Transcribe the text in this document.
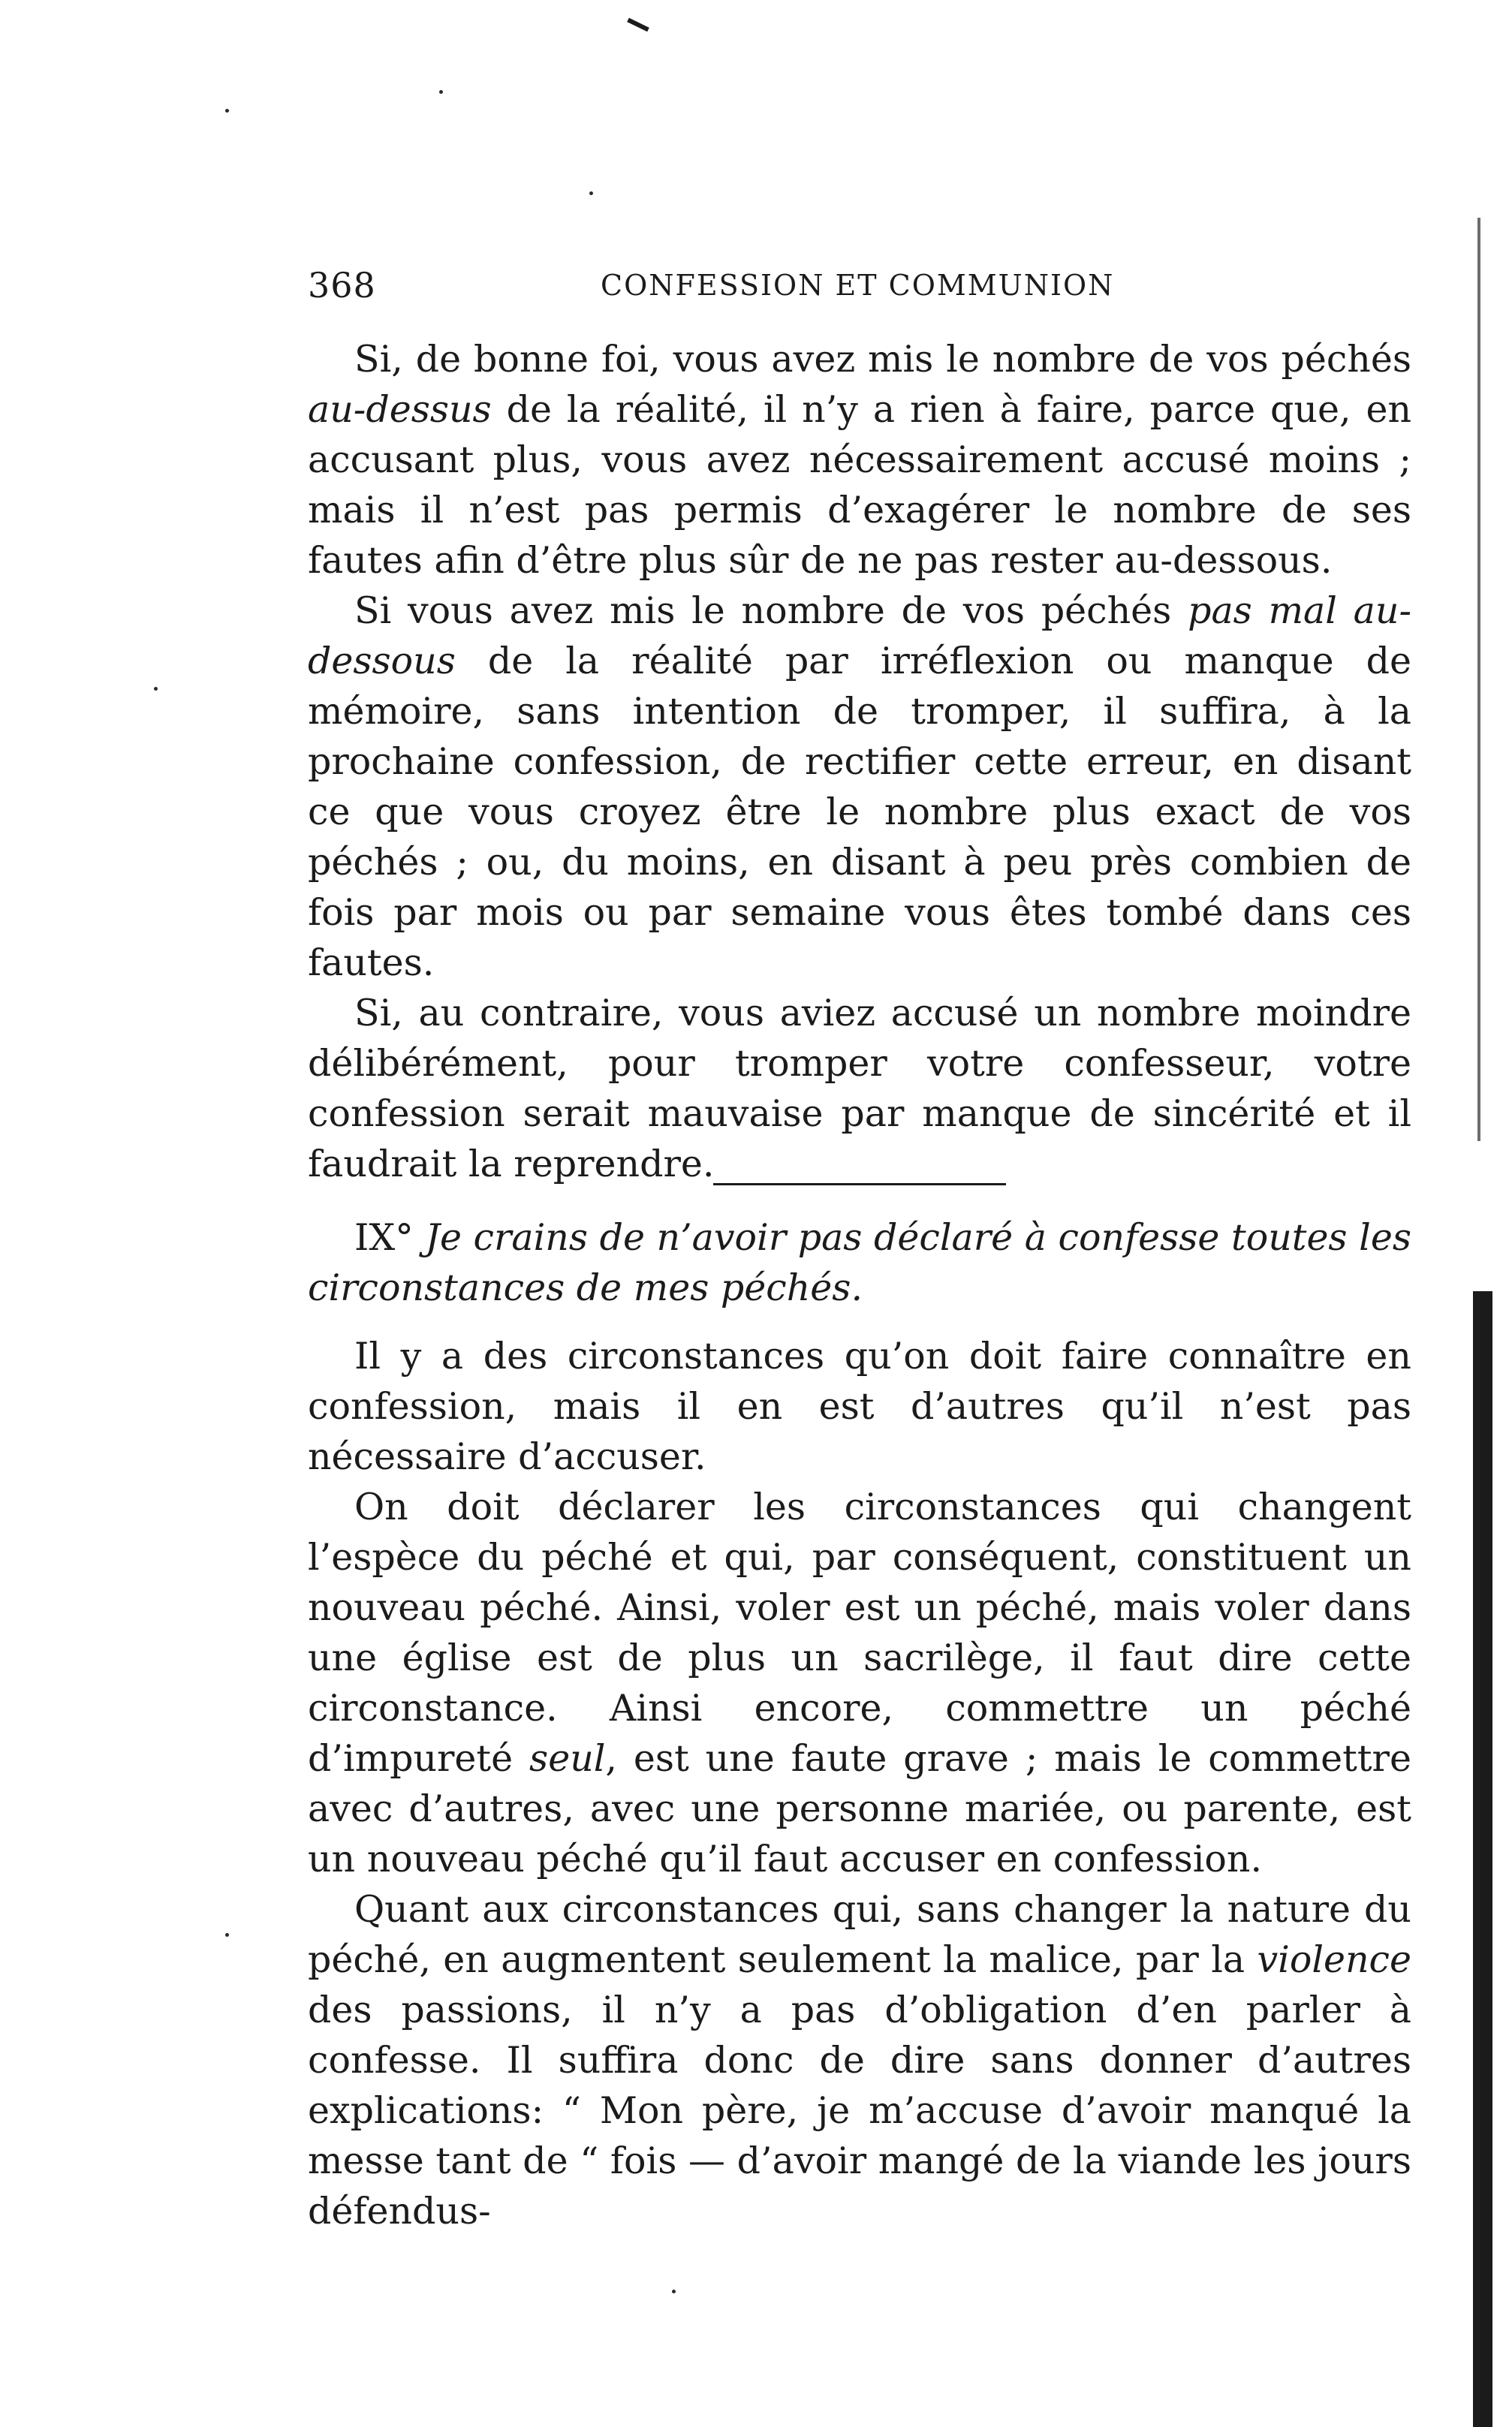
368	CONFESSION ET COMMUNION

Si, de bonne foi, vous avez mis le nombre de vos péchés au-dessus de la réalité, il n’y a rien à faire, parce que, en accusant plus, vous avez nécessairement accusé moins ; mais il n’est pas permis d’exagérer le nombre de ses fautes afin d’être plus sûr de ne pas rester au-dessous.

Si vous avez mis le nombre de vos péchés pas mal au-dessous de la réalité par irréflexion ou manque de mémoire, sans intention de tromper, il suffira, à la prochaine confession, de rectifier cette erreur, en disant ce que vous croyez être le nombre plus exact de vos péchés ; ou, du moins, en disant à peu près combien de fois par mois ou par semaine vous êtes tombé dans ces fautes.

Si, au contraire, vous aviez accusé un nombre moindre délibérément, pour tromper votre confesseur, votre confession serait mauvaise par manque de sincérité et il faudrait la reprendre.

IX° Je crains de n’avoir pas déclaré à confesse toutes les circonstances de mes péchés.

Il y a des circonstances qu’on doit faire connaître en confession, mais il en est d’autres qu’il n’est pas nécessaire d’accuser.

On doit déclarer les circonstances qui changent l’espèce du péché et qui, par conséquent, constituent un nouveau péché. Ainsi, voler est un péché, mais voler dans une église est de plus un sacrilège, il faut dire cette circonstance. Ainsi encore, commettre un péché d’impureté seul, est une faute grave ; mais le commettre avec d’autres, avec une personne mariée, ou parente, est un nouveau péché qu’il faut accuser en confession.

Quant aux circonstances qui, sans changer la nature du péché, en augmentent seulement la malice, par la violence des passions, il n’y a pas d’obligation d’en parler à confesse. Il suffira donc de dire sans donner d’autres explications: “ Mon père, je m’accuse d’avoir manqué la messe tant de “ fois — d’avoir mangé de la viande les jours défendus-
